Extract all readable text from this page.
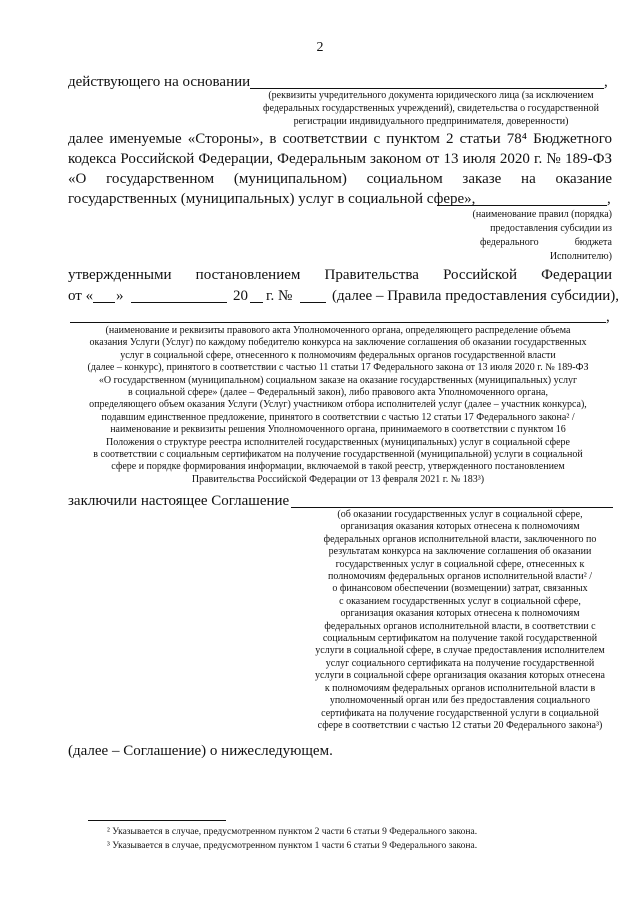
2
действующего на основании	,
(реквизиты учредительного документа юридического лица (за исключением
федеральных государственных учреждений), свидетельства о государственной
регистрации индивидуального предпринимателя, доверенности)
далее именуемые «Стороны», в соответствии с пунктом 2 статьи 78⁴ Бюджетного
кодекса Российской Федерации, Федеральным законом от 13 июля 2020 г. № 189-ФЗ
«О государственном (муниципальном) социальном заказе на оказание
государственных (муниципальных) услуг в социальной сфере»,	,
(наименование правил (порядка)
предоставления субсидии из
федерального бюджета
Исполнителю)
утвержденными постановлением Правительства Российской Федерации
от « »	20 г. №	(далее – Правила предоставления субсидии),
,
(наименование и реквизиты правового акта Уполномоченного органа, определяющего распределение объема
оказания Услуги (Услуг) по каждому победителю конкурса на заключение соглашения об оказании государственных
услуг в социальной сфере, отнесенного к полномочиям федеральных органов государственной власти
(далее – конкурс), принятого в соответствии с частью 11 статьи 17 Федерального закона от 13 июля 2020 г. № 189-ФЗ
«О государственном (муниципальном) социальном заказе на оказание государственных (муниципальных) услуг
в социальной сфере» (далее – Федеральный закон), либо правового акта Уполномоченного органа,
определяющего объем оказания Услуги (Услуг) участником отбора исполнителей услуг (далее – участник конкурса),
подавшим единственное предложение, принятого в соответствии с частью 12 статьи 17 Федерального закона² /
наименование и реквизиты решения Уполномоченного органа, принимаемого в соответствии с пунктом 16
Положения о структуре реестра исполнителей государственных (муниципальных) услуг в социальной сфере
в соответствии с социальным сертификатом на получение государственной (муниципальной) услуги в социальной
сфере и порядке формирования информации, включаемой в такой реестр, утвержденного постановлением
Правительства Российской Федерации от 13 февраля 2021 г. № 183³)
заключили настоящее Соглашение
(об оказании государственных услуг в социальной сфере,
организация оказания которых отнесена к полномочиям
федеральных органов исполнительной власти, заключенного по
результатам конкурса на заключение соглашения об оказании
государственных услуг в социальной сфере, отнесенных к
полномочиям федеральных органов исполнительной власти² /
о финансовом обеспечении (возмещении) затрат, связанных
с оказанием государственных услуг в социальной сфере,
организация оказания которых отнесена к полномочиям
федеральных органов исполнительной власти, в соответствии с
социальным сертификатом на получение такой государственной
услуги в социальной сфере, в случае предоставления исполнителем
услуг социального сертификата на получение государственной
услуги в социальной сфере организация оказания которых отнесена
к полномочиям федеральных органов исполнительной власти в
уполномоченный орган или без предоставления социального
сертификата на получение государственной услуги в социальной
сфере в соответствии с частью 12 статьи 20 Федерального закона³)
(далее – Соглашение) о нижеследующем.
² Указывается в случае, предусмотренном пунктом 2 части 6 статьи 9 Федерального закона.
³ Указывается в случае, предусмотренном пунктом 1 части 6 статьи 9 Федерального закона.
